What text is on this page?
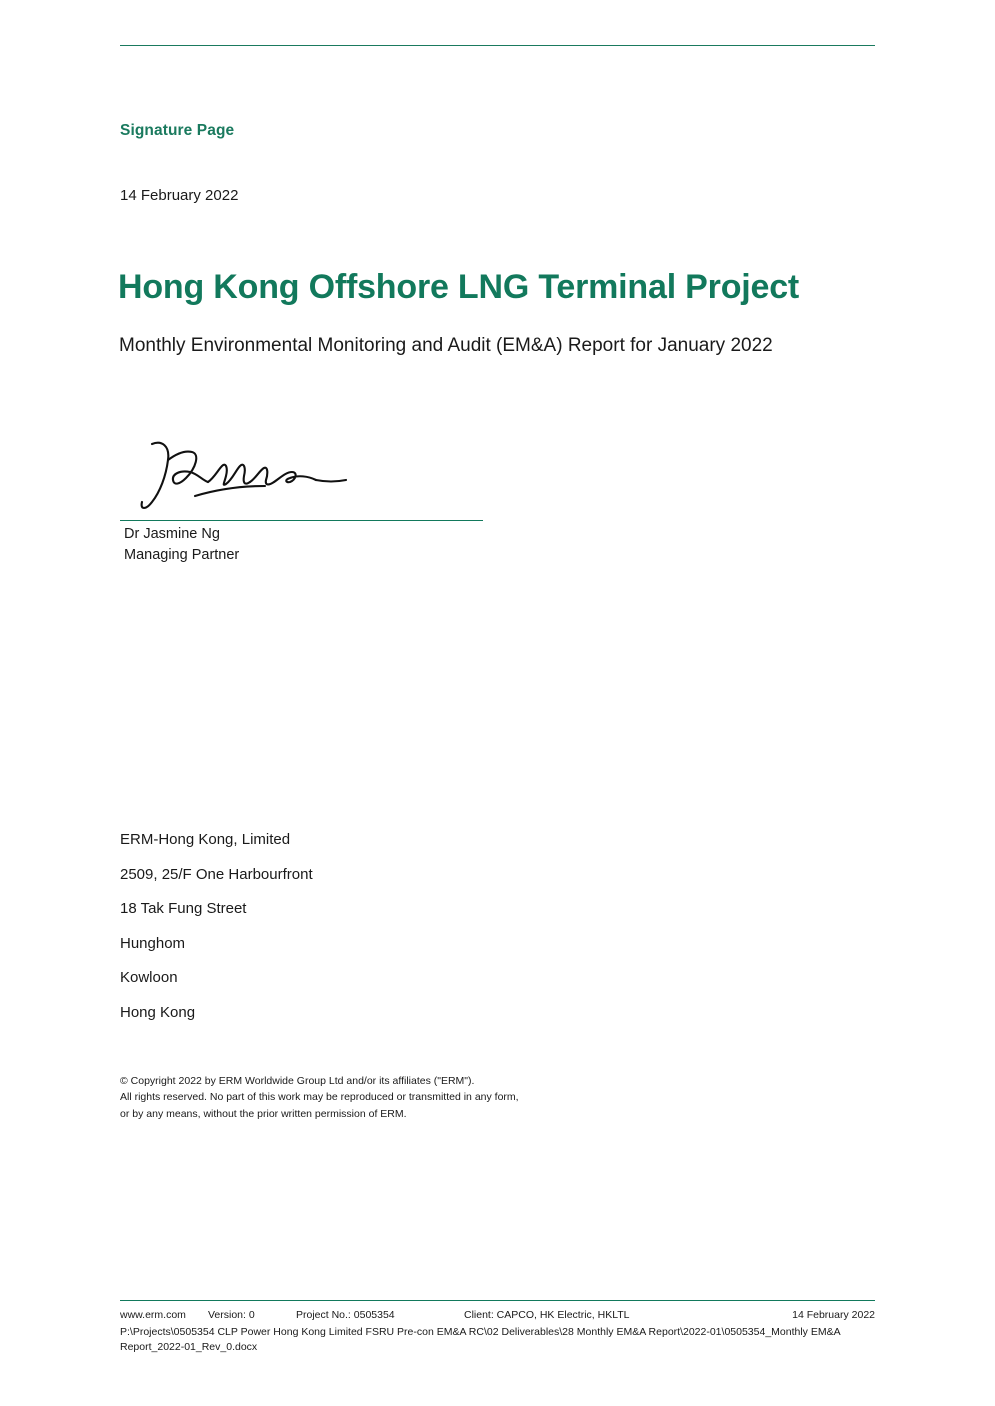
Signature Page
14 February 2022
Hong Kong Offshore LNG Terminal Project
Monthly Environmental Monitoring and Audit (EM&A) Report for January 2022
Dr Jasmine Ng
Managing Partner
ERM-Hong Kong, Limited
2509, 25/F One Harbourfront
18 Tak Fung Street
Hunghom
Kowloon
Hong Kong
© Copyright 2022 by ERM Worldwide Group Ltd and/or its affiliates ("ERM").
All rights reserved. No part of this work may be reproduced or transmitted in any form,
or by any means, without the prior written permission of ERM.
www.erm.com	Version: 0	Project No.: 0505354	Client: CAPCO, HK Electric, HKLTL	14 February 2022
P:\Projects\0505354 CLP Power Hong Kong Limited FSRU Pre-con EM&A RC\02 Deliverables\28 Monthly EM&A Report\2022-01\0505354_Monthly EM&A Report_2022-01_Rev_0.docx
